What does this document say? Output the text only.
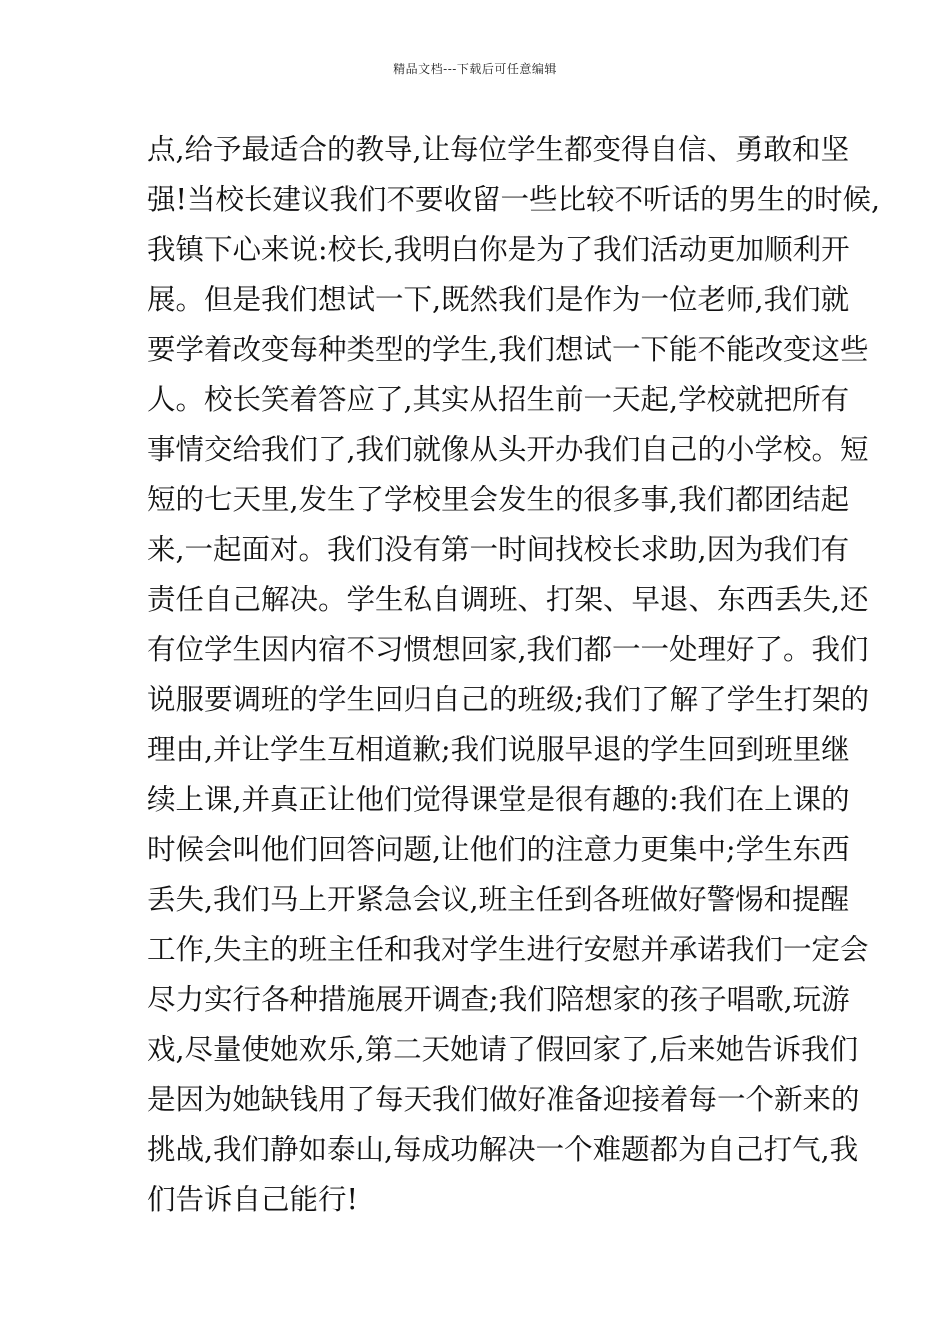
精品文档---下载后可任意编辑
点,给予最适合的教导,让每位学生都变得自信、勇敢和坚
强!当校长建议我们不要收留一些比较不听话的男生的时候,
我镇下心来说:校长,我明白你是为了我们活动更加顺利开
展。但是我们想试一下,既然我们是作为一位老师,我们就
要学着改变每种类型的学生,我们想试一下能不能改变这些
人。校长笑着答应了,其实从招生前一天起,学校就把所有
事情交给我们了,我们就像从头开办我们自己的小学校。短
短的七天里,发生了学校里会发生的很多事,我们都团结起
来,一起面对。我们没有第一时间找校长求助,因为我们有
责任自己解决。学生私自调班、打架、早退、东西丢失,还
有位学生因内宿不习惯想回家,我们都一一处理好了。我们
说服要调班的学生回归自己的班级;我们了解了学生打架的
理由,并让学生互相道歉;我们说服早退的学生回到班里继
续上课,并真正让他们觉得课堂是很有趣的:我们在上课的
时候会叫他们回答问题,让他们的注意力更集中;学生东西
丢失,我们马上开紧急会议,班主任到各班做好警惕和提醒
工作,失主的班主任和我对学生进行安慰并承诺我们一定会
尽力实行各种措施展开调查;我们陪想家的孩子唱歌,玩游
戏,尽量使她欢乐,第二天她请了假回家了,后来她告诉我们
是因为她缺钱用了每天我们做好准备迎接着每一个新来的
挑战,我们静如泰山,每成功解决一个难题都为自己打气,我
们告诉自己能行!
